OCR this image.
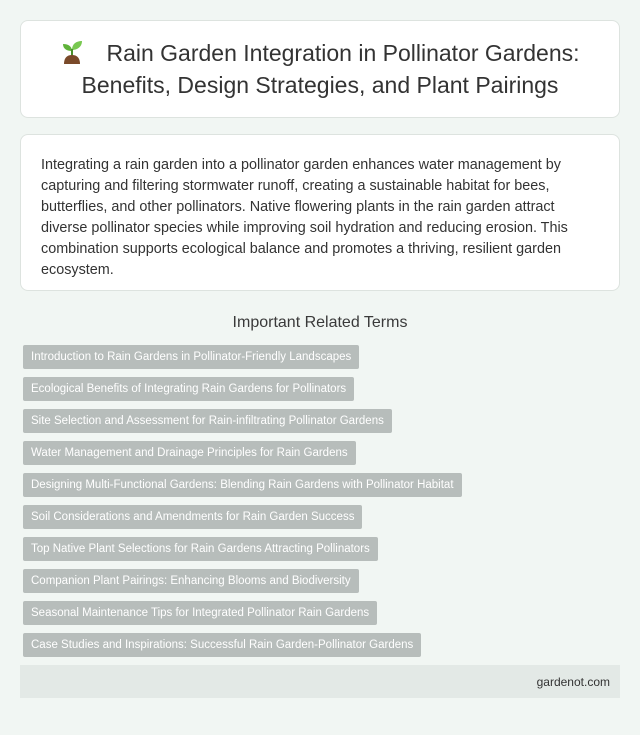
Rain Garden Integration in Pollinator Gardens: Benefits, Design Strategies, and Plant Pairings

Integrating a rain garden into a pollinator garden enhances water management by capturing and filtering stormwater runoff, creating a sustainable habitat for bees, butterflies, and other pollinators. Native flowering plants in the rain garden attract diverse pollinator species while improving soil hydration and reducing erosion. This combination supports ecological balance and promotes a thriving, resilient garden ecosystem.

Important Related Terms
Introduction to Rain Gardens in Pollinator-Friendly Landscapes
Ecological Benefits of Integrating Rain Gardens for Pollinators
Site Selection and Assessment for Rain-infiltrating Pollinator Gardens
Water Management and Drainage Principles for Rain Gardens
Designing Multi-Functional Gardens: Blending Rain Gardens with Pollinator Habitat
Soil Considerations and Amendments for Rain Garden Success
Top Native Plant Selections for Rain Gardens Attracting Pollinators
Companion Plant Pairings: Enhancing Blooms and Biodiversity
Seasonal Maintenance Tips for Integrated Pollinator Rain Gardens
Case Studies and Inspirations: Successful Rain Garden-Pollinator Gardens
gardenot.com
